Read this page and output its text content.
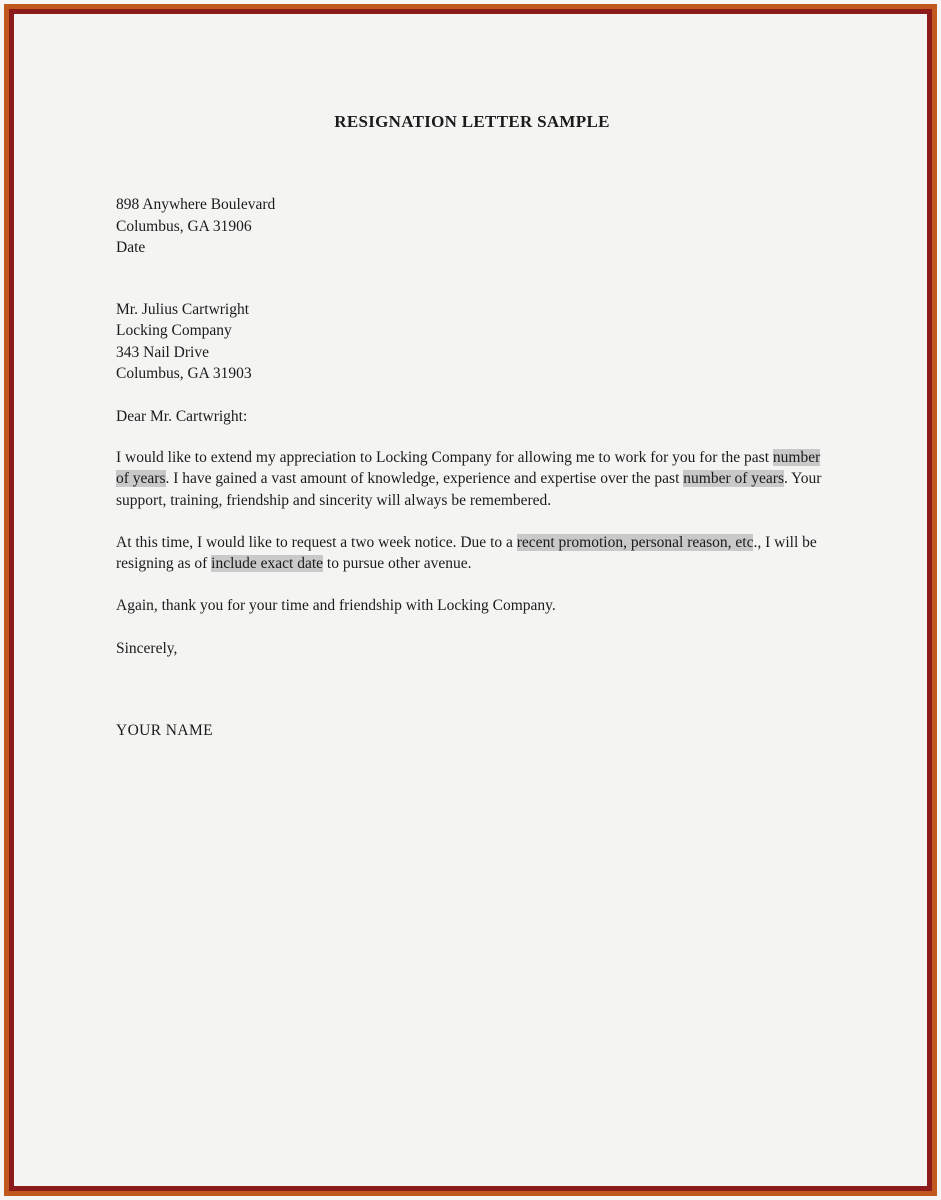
RESIGNATION LETTER SAMPLE
898 Anywhere Boulevard
Columbus, GA 31906
Date
Mr. Julius Cartwright
Locking Company
343 Nail Drive
Columbus, GA 31903
Dear Mr. Cartwright:

I would like to extend my appreciation to Locking Company for allowing me to work for you for the past number of years. I have gained a vast amount of knowledge, experience and expertise over the past number of years. Your support, training, friendship and sincerity will always be remembered.

At this time, I would like to request a two week notice. Due to a recent promotion, personal reason, etc., I will be resigning as of include exact date to pursue other avenue.

Again, thank you for your time and friendship with Locking Company.

Sincerely,

YOUR NAME
